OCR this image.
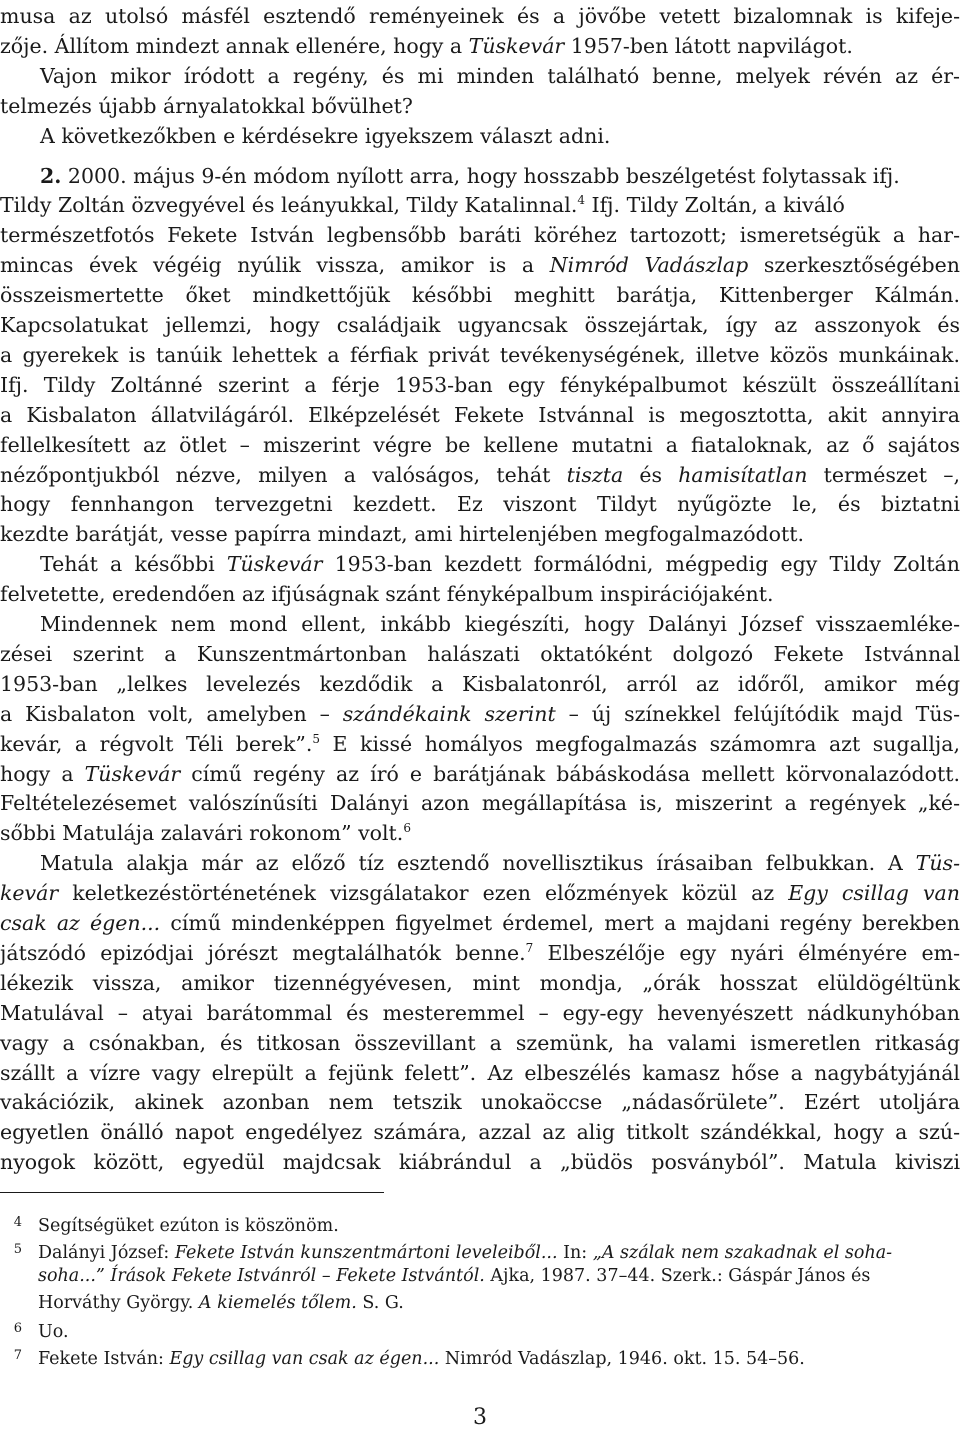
musa az utolsó másfél esztendő reményeinek és a jövőbe vetett bizalomnak is kifeje-
zője. Állítom mindezt annak ellenére, hogy a Tüskevár 1957-ben látott napvilágot.
Vajon mikor íródott a regény, és mi minden található benne, melyek révén az ér-
telmezés újabb árnyalatokkal bővülhet?
A következőkben e kérdésekre igyekszem választ adni.
2. 2000. május 9-én módom nyílott arra, hogy hosszabb beszélgetést folytassak ifj.
Tildy Zoltán özvegyével és leányukkal, Tildy Katalinnal.$^4$ Ifj. Tildy Zoltán, a kiváló
természetfotós Fekete István legbensőbb baráti köréhez tartozott; ismeretségük a har-
mincas évek végéig nyúlik vissza, amikor is a Nimród Vadászlap szerkesztőségében
összeismertette őket mindkettőjük későbbi meghitt barátja, Kittenberger Kálmán.
Kapcsolatukat jellemzi, hogy családjaik ugyancsak összejártak, így az asszonyok és
a gyerekek is tanúik lehettek a férfiak privát tevékenységének, illetve közös munkáinak.
Ifj. Tildy Zoltánné szerint a férje 1953-ban egy fényképalbumot készült összeállítani
a Kisbalaton állatvilágáról. Elképzelését Fekete Istvánnal is megosztotta, akit annyira
fellelkesített az ötlet – miszerint végre be kellene mutatni a fiataloknak, az ő sajátos
nézőpontjukból nézve, milyen a valóságos, tehát tiszta és hamisítatlan természet –,
hogy fennhangon tervezgetni kezdett. Ez viszont Tildyt nyűgözte le, és biztatni
kezdte barátját, vesse papírra mindazt, ami hirtelenjében megfogalmazódott.
Tehát a későbbi Tüskevár 1953-ban kezdett formálódni, mégpedig egy Tildy Zoltán
felvetette, eredendően az ifjúságnak szánt fényképalbum inspirációjaként.
Mindennek nem mond ellent, inkább kiegészíti, hogy Dalányi József visszaemléke-
zései szerint a Kunszentmártonban halászati oktatóként dolgozó Fekete Istvánnal
1953-ban „lelkes levelezés kezdődik a Kisbalatonról, arról az időről, amikor még
a Kisbalaton volt, amelyben – szándékaink szerint – új színekkel felújítódik majd Tüs-
kevár, a régvolt Téli berek”.$^5$ E kissé homályos megfogalmazás számomra azt sugallja,
hogy a Tüskevár című regény az író e barátjának bábáskodása mellett körvonalazódott.
Feltételezésemet valószínűsíti Dalányi azon megállapítása is, miszerint a regények „ké-
sőbbi Matulája zalavári rokonom” volt.$^6$
Matula alakja már az előző tíz esztendő novellisztikus írásaiban felbukkan. A Tüs-
kevár keletkezéstörténetének vizsgálatakor ezen előzmények közül az Egy csillag van
csak az égen... című mindenképpen figyelmet érdemel, mert a majdani regény berekben
játszódó epizódjai jórészt megtalálhatók benne.$^7$ Elbeszélője egy nyári élményére em-
lékezik vissza, amikor tizennégyévesen, mint mondja, „órák hosszat elüldögéltünk
Matulával – atyai barátommal és mesteremmel – egy-egy hevenyészett nádkunyhóban
vagy a csónakban, és titkosan összevillant a szemünk, ha valami ismeretlen ritkaság
szállt a vízre vagy elrepült a fejünk felett”. Az elbeszélés kamasz hőse a nagybátyjánál
vakációzik, akinek azonban nem tetszik unokaöccse „nádasőrülete”. Ezért utoljára
egyetlen önálló napot engedélyez számára, azzal az alig titkolt szándékkal, hogy a szú-
nyogok között, egyedül majdcsak kiábrándul a „büdös posványból”. Matula kiviszi
4 Segítségüket ezúton is köszönöm.
5 Dalányi József: Fekete István kunszentmártoni leveleiből... In: „A szálak nem szakadnak el soha-
soha...” Írások Fekete Istvánról – Fekete Istvántól. Ajka, 1987. 37–44. Szerk.: Gáspár János és
Horváthy György. A kiemelés tőlem. S. G.
6 Uo.
7 Fekete István: Egy csillag van csak az égen... Nimród Vadászlap, 1946. okt. 15. 54–56.
3
